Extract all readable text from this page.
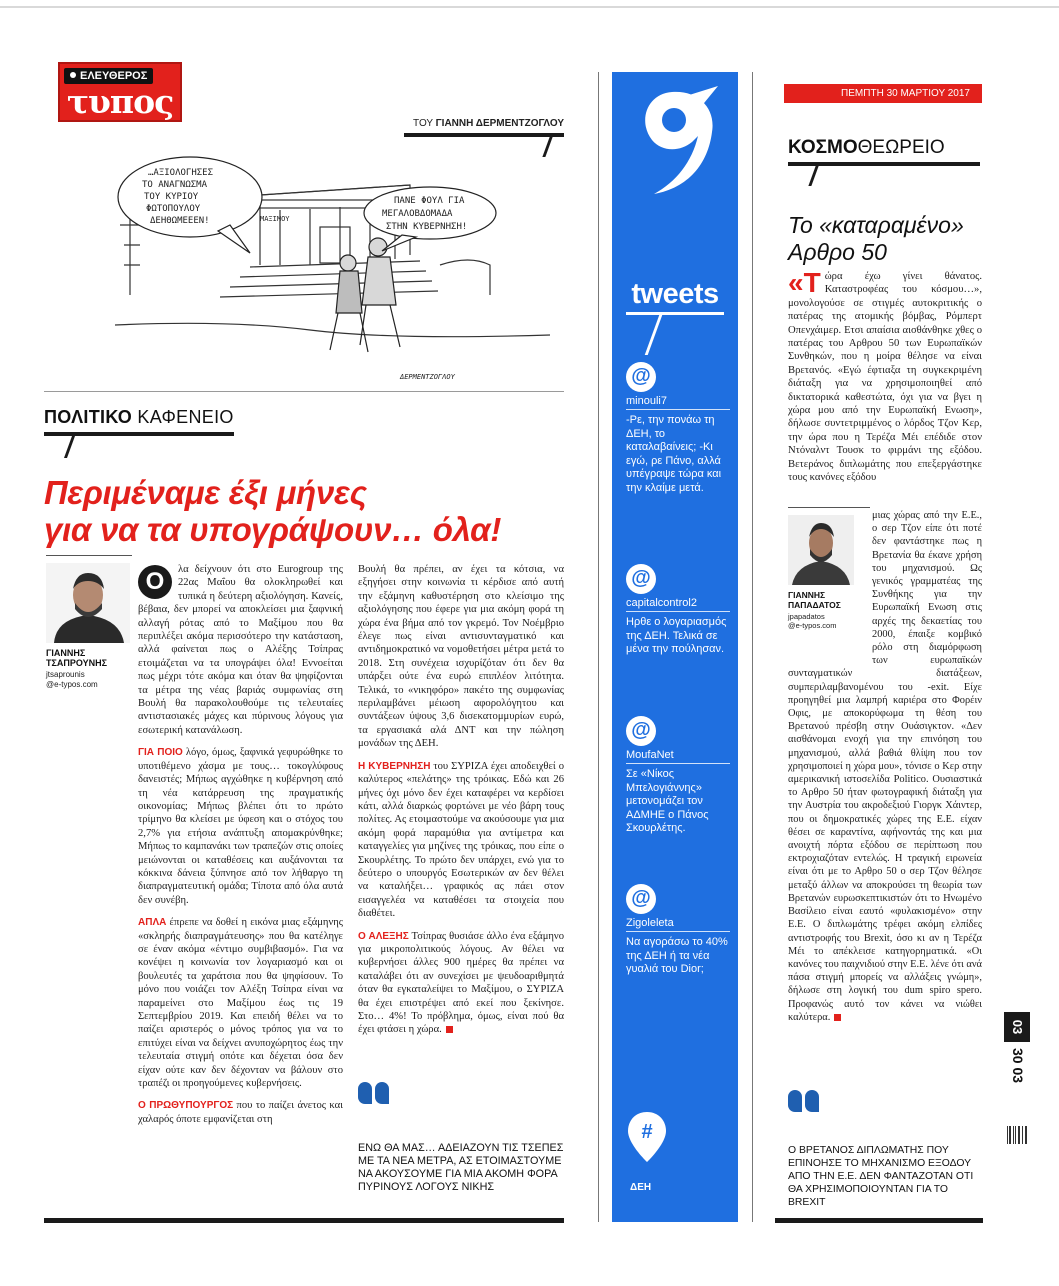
ΕΛΕΥΘΕΡΟΣ
τυπος
ΤΟΥ ΓΙΑΝΝΗ ΔΕΡΜΕΝΤΖΟΓΛΟΥ
…ΑΞΙΟΛΟΓΗΣΕΣ
ΤΟ ΑΝΑΓΝΩΣΜΑ
ΤΟΥ ΚΥΡΙΟΥ
ΦΩΤΟΠΟΥΛΟΥ
ΔΕΗΘΩΜΕΕΕΝ!
ΠΑΝΕ ΦΟΥΛ ΓΙΑ
ΜΕΓΑΛΟΒΔΟΜΑΔΑ
ΣΤΗΝ ΚΥΒΕΡΝΗΣΗ!
ΜΑΞΙΜΟΥ
ΔΕΡΜΕΝΤΖΟΓΛΟΥ
ΠΟΛΙΤΙΚΟ ΚΑΦΕΝΕΙΟ
Περιμέναμε έξι μήνες
για να τα υπογράψουν… όλα!
ΓΙΑΝΝΗΣ
ΤΣΑΠΡΟΥΝΗΣ
jtsaprounis
@e-typos.com

O	λα δείχνουν ότι στο Eurogroup της 22ας Μαΐου θα ολοκληρωθεί και τυπικά η δεύτερη αξιολόγηση. Κανείς, βέβαια, δεν μπορεί να αποκλείσει μια ξαφνική αλλαγή ρότας από το Μαξίμου που θα περιπλέξει ακόμα περισσότερο την κατάσταση, αλλά φαίνεται πως ο Αλέξης Τσίπρας ετοιμάζεται να τα υπογράψει όλα! Εννοείται πως μέχρι τότε ακόμα και όταν θα ψηφίζονται τα μέτρα της νέας βαριάς συμφωνίας στη Βουλή θα παρακολουθούμε τις τελευταίες αντιστασιακές μάχες και πύρινους λόγους για εσωτερική κατανάλωση.

ΓΙΑ ΠΟΙΟ λόγο, όμως, ξαφνικά γεφυρώθηκε το υποτιθέμενο χάσμα με τους… τοκογλύφους δανειστές; Μήπως αγχώθηκε η κυβέρνηση από τη νέα κατάρρευση της πραγματικής οικονομίας; Μήπως βλέπει ότι το πρώτο τρίμηνο θα κλείσει με ύφεση και ο στόχος του 2,7% για ετήσια ανάπτυξη απομακρύνθηκε; Μήπως το καμπανάκι των τραπεζών στις οποίες μειώνονται οι καταθέσεις και αυξάνονται τα κόκκινα δάνεια ξύπνησε από τον λήθαργο τη διαπραγματευτική ομάδα; Τίποτα από όλα αυτά δεν συνέβη.

ΑΠΛΑ έπρεπε να δοθεί η εικόνα μιας εξάμηνης «σκληρής διαπραγμάτευσης» που θα κατέληγε σε έναν ακόμα «έντιμο συμβιβασμό». Για να κονέψει η κοινωνία τον λογαριασμό και οι βουλευτές τα χαράτσια που θα ψηφίσουν. Το μόνο που νοιάζει τον Αλέξη Τσίπρα είναι να παραμείνει στο Μαξίμου έως τις 19 Σεπτεμβρίου 2019. Και επειδή θέλει να το παίζει αριστερός ο μόνος τρόπος για να το επιτύχει είναι να δείχνει ανυποχώρητος έως την τελευταία στιγμή οπότε και δέχεται όσα δεν είχαν ούτε καν δεν δέχονταν να βάλουν στο τραπέζι οι προηγούμενες κυβερνήσεις.

Ο ΠΡΩΘΥΠΟΥΡΓΟΣ που το παίζει άνετος και χαλαρός όποτε εμφανίζεται στη

Βουλή θα πρέπει, αν έχει τα κότσια, να εξηγήσει στην κοινωνία τι κέρδισε από αυτή την εξάμηνη καθυστέρηση στο κλείσιμο της αξιολόγησης που έφερε για μια ακόμη φορά τη χώρα ένα βήμα από τον γκρεμό. Τον Νοέμβριο έλεγε πως είναι αντισυνταγματικό και αντιδημοκρατικό να νομοθετήσει μέτρα μετά το 2018. Στη συνέχεια ισχυρίζόταν ότι δεν θα υπάρξει ούτε ένα ευρώ επιπλέον λιτότητα. Τελικά, το «νικηφόρο» πακέτο της συμφωνίας περιλαμβάνει μέιωση αφορολόγητου και συντάξεων ύψους 3,6 δισεκατομμυρίων ευρώ, τα εργασιακά αλά ΔΝΤ και την πώληση μονάδων της ΔΕΗ.

Η ΚΥΒΕΡΝΗΣΗ του ΣΥΡΙΖΑ έχει αποδειχθεί ο καλύτερος «πελάτης» της τρόικας. Εδώ και 26 μήνες όχι μόνο δεν έχει καταφέρει να κερδίσει κάτι, αλλά διαρκώς φορτώνει με νέο βάρη τους πολίτες. Ας ετοιμαστούμε να ακούσουμε για μια ακόμη φορά παραμύθια για αντίμετρα και καταγγελίες για μηζίνες της τρόικας, που είπε ο Σκουρλέτης. Το πρώτο δεν υπάρχει, ενώ για το δεύτερο ο υπουργός Εσωτερικών αν δεν θέλει να καταλήξει… γραφικός ας πάει στον εισαγγελέα να καταθέσει τα στοιχεία που διαθέτει.

Ο ΑΛΕΞΗΣ Τσίπρας θυσιάσε άλλο ένα εξάμηνο για μικροπολιτικούς λόγους. Αν θέλει να κυβερνήσει άλλες 900 ημέρες θα πρέπει να καταλάβει ότι αν συνεχίσει με ψευδοαριθμητά όταν θα εγκαταλείψει το Μαξίμου, ο ΣΥΡΙΖΑ θα έχει επιστρέψει από εκεί που ξεκίνησε. Στο… 4%! Το πρόβλημα, όμως, είναι πού θα έχει φτάσει η χώρα.

ΕΝΩ ΘΑ ΜΑΣ… ΑΔΕΙΑΖΟΥΝ ΤΙΣ ΤΣΕΠΕΣ ΜΕ ΤΑ ΝΕΑ ΜΕΤΡΑ, ΑΣ ΕΤΟΙΜΑΣΤΟΥΜΕ ΝΑ ΑΚΟΥΣΟΥΜΕ ΓΙΑ ΜΙΑ ΑΚΟΜΗ ΦΟΡΑ ΠΥΡΙΝΟΥΣ ΛΟΓΟΥΣ ΝΙΚΗΣ
tweets
@
minouli7
-Ρε, την πονάω τη ΔΕΗ, το καταλαβαίνεις; -Κι εγώ, ρε Πάνο, αλλά υπέγραψε τώρα και την κλαίμε μετά.
@
capitalcontrol2
Ηρθε ο λογαριασμός της ΔΕΗ. Τελικά σε μένα την πούλησαν.
@
MoufaNet
Σε «Νίκος Μπελογιάννης» μετονομάζει τον ΑΔΜΗΕ ο Πάνος Σκουρλέτης.
@
Zigoleleta
Να αγοράσω το 40% της ΔΕΗ ή τα νέα γυαλιά του Dior;
#
ΔΕΗ
ΠΕΜΠΤΗ 30 ΜΑΡΤΙΟΥ 2017
ΚΟΣΜΟΘΕΩΡΕΙΟ
Το «καταραμένο»
Αρθρο 50

«Τώρα έχω γίνει θάνατος. Καταστροφέας του κόσμου…», μονολογούσε σε στιγμές αυτοκριτικής ο πατέρας της ατομικής βόμβας, Ρόμπερτ Οπενχάιμερ. Ετσι απαίσια αισθάνθηκε χθες ο πατέρας του Αρθρου 50 των Ευρωπαϊκών Συνθηκών, που η μοίρα θέλησε να είναι Βρετανός. «Εγώ έφτιαξα τη συγκεκριμένη διάταξη για να χρησιμοποιηθεί από δικτατορικά καθεστώτα, όχι για να βγει η χώρα μου από την Ευρωπαϊκή Ενωση», δήλωσε συντετριμμένος ο λόρδος Τζον Κερ, την ώρα που η Τερέζα Μέι επέδιδε στον Ντόναλντ Τουσκ το φιρμάνι της εξόδου. Βετεράνος διπλωμάτης που επεξεργάστηκε τους κανόνες εξόδου

ΓΙΑΝΝΗΣ
ΠΑΠΑΔΑΤΟΣ
jpapadatos
@e-typos.com

μιας χώρας από την Ε.Ε., ο σερ Τζον είπε ότι ποτέ δεν φαντάστηκε πως η Βρετανία θα έκανε χρήση του μηχανισμού. Ως γενικός γραμματέας της Συνθήκης για την Ευρωπαϊκή Ενωση στις αρχές της δεκαετίας του 2000, έπαιξε κομβικό ρόλο στη διαμόρφωση των ευρωπαϊκών συνταγματικών διατάξεων, συμπεριλαμβανομένου του -exit. Είχε προηγηθεί μια λαμπρή καριέρα στο Φορέιν Οφις, με αποκορύφωμα τη θέση του Βρετανού πρέσβη στην Ουάσιγκτον. «Δεν αισθάνομαι ενοχή για την επινόηση του μηχανισμού, αλλά βαθιά θλίψη που τον χρησιμοποιεί η χώρα μου», τόνισε ο Κερ στην αμερικανική ιστοσελίδα Politico. Ουσιαστικά το Αρθρο 50 ήταν φωτογραφική διάταξη για την Αυστρία του ακροδεξιού Γιοργκ Χάιντερ, που οι δημοκρατικές χώρες της Ε.Ε. είχαν θέσει σε καραντίνα, αφήνοντάς της και μια ανοιχτή πόρτα εξόδου σε περίπτωση που εκτροχιαζόταν εντελώς. Η τραγική ειρωνεία είναι ότι με το Αρθρο 50 ο σερ Τζον θέλησε μεταξύ άλλων να αποκρούσει τη θεωρία των Βρετανών ευρωσκεπτικιστών ότι το Ηνωμένο Βασίλειο είναι εαυτό «φυλακισμένο» στην Ε.Ε. Ο διπλωμάτης τρέφει ακόμη ελπίδες αντιστροφής του Brexit, όσο κι αν η Τερέζα Μέι το απέκλεισε κατηγορηματικά. «Οι κανόνες του παιχνιδιού στην Ε.Ε. λένε ότι ανά πάσα στιγμή μπορείς να αλλάξεις γνώμη», δήλωσε στη λογική του dum spiro spero. Προφανώς αυτό τον κάνει να νιώθει καλύτερα.

Ο ΒΡΕΤΑΝΟΣ ΔΙΠΛΩΜΑΤΗΣ ΠΟΥ ΕΠΙΝΟΗΣΕ ΤΟ ΜΗΧΑΝΙΣΜΟ ΕΞΟΔΟΥ ΑΠΟ ΤΗΝ Ε.Ε. ΔΕΝ ΦΑΝΤΑΖΟΤΑΝ ΟΤΙ ΘΑ ΧΡΗΣΙΜΟΠΟΙΟΥΝΤΑΝ ΓΙΑ ΤΟ BREXIT
03
30 03
